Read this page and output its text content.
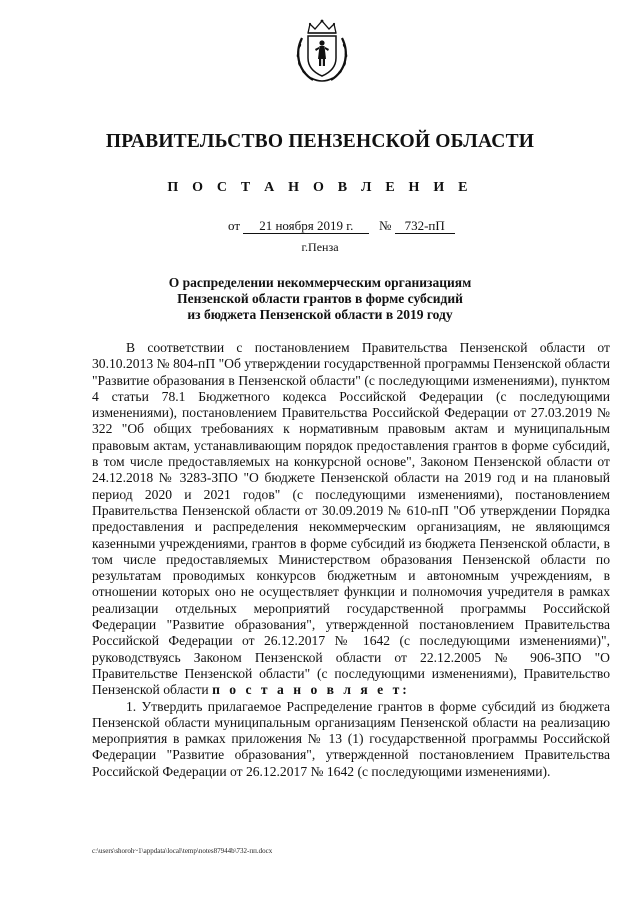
ПРАВИТЕЛЬСТВО ПЕНЗЕНСКОЙ ОБЛАСТИ
П О С Т А Н О В Л Е Н И Е
от 21 ноября 2019 г. № 732-пП
г.Пенза
О распределении некоммерческим организациям
Пензенской области грантов в форме субсидий
из бюджета Пензенской области в 2019 году

В соответствии с постановлением Правительства Пензенской области от 30.10.2013 № 804-пП "Об утверждении государственной программы Пензенской области "Развитие образования в Пензенской области" (с последующими изменениями), пунктом 4 статьи 78.1 Бюджетного кодекса Российской Федерации (с последующими изменениями), постановлением Правительства Российской Федерации от 27.03.2019 № 322 "Об общих требованиях к нормативным правовым актам и муниципальным правовым актам, устанавливающим порядок предоставления грантов в форме субсидий, в том числе предоставляемых на конкурсной основе", Законом Пензенской области от 24.12.2018 № 3283-ЗПО "О бюджете Пензенской области на 2019 год и на плановый период 2020 и 2021 годов" (с последующими изменениями), постановлением Правительства Пензенской области от 30.09.2019 № 610-пП "Об утверждении Порядка предоставления и распределения некоммерческим организациям, не являющимся казенными учреждениями, грантов в форме субсидий из бюджета Пензенской области, в том числе предоставляемых Министерством образования Пензенской области по результатам проводимых конкурсов бюджетным и автономным учреждениям, в отношении которых оно не осуществляет функции и полномочия учредителя в рамках реализации отдельных мероприятий государственной программы Российской Федерации "Развитие образования", утвержденной постановлением Правительства Российской Федерации от 26.12.2017 № 1642 (с последующими изменениями)", руководствуясь Законом Пензенской области от 22.12.2005 № 906-ЗПО "О Правительстве Пензенской области" (с последующими изменениями), Правительство Пензенской области п о с т а н о в л я е т:

1. Утвердить прилагаемое Распределение грантов в форме субсидий из бюджета Пензенской области муниципальным организациям Пензенской области на реализацию мероприятия в рамках приложения № 13 (1) государственной программы Российской Федерации "Развитие образования", утвержденной постановлением Правительства Российской Федерации от 26.12.2017 № 1642 (с последующими изменениями).

c:\users\shoroh~1\appdata\local\temp\notes87944b\732-пп.docx
